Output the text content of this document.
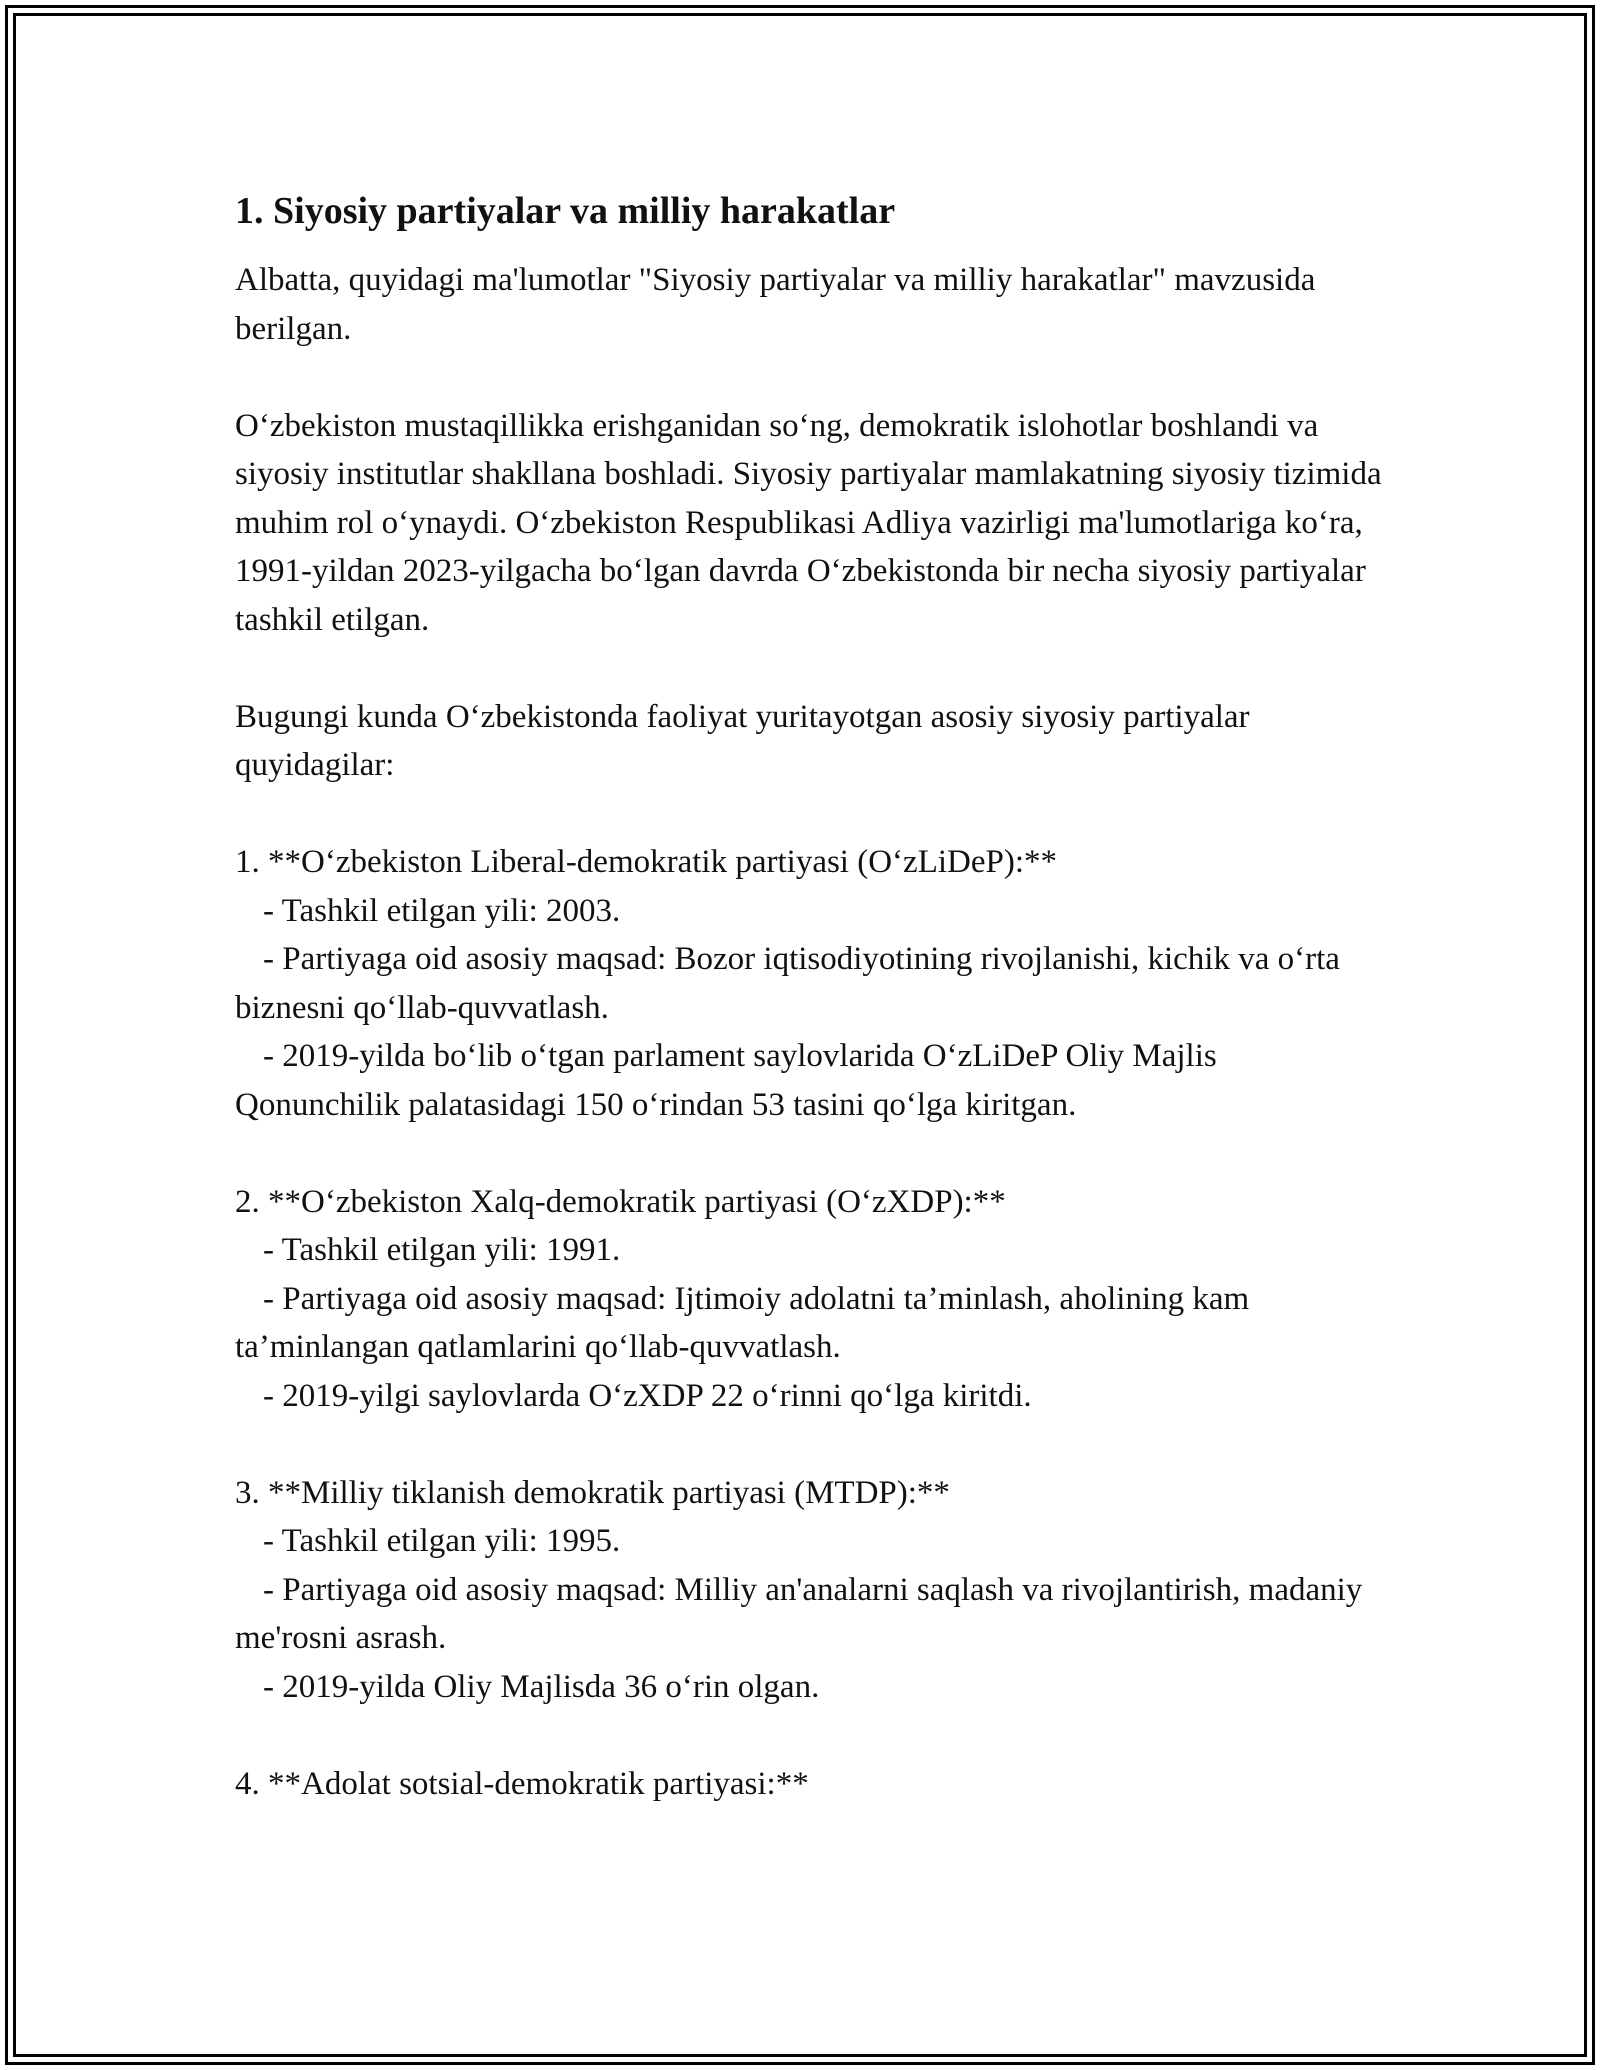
1. Siyosiy partiyalar va milliy harakatlar

Albatta, quyidagi ma'lumotlar "Siyosiy partiyalar va milliy harakatlar" mavzusida berilgan.

O‘zbekiston mustaqillikka erishganidan so‘ng, demokratik islohotlar boshlandi va siyosiy institutlar shakllana boshladi. Siyosiy partiyalar mamlakatning siyosiy tizimida muhim rol o‘ynaydi. O‘zbekiston Respublikasi Adliya vazirligi ma'lumotlariga ko‘ra, 1991-yildan 2023-yilgacha bo‘lgan davrda O‘zbekistonda bir necha siyosiy partiyalar tashkil etilgan.

Bugungi kunda O‘zbekistonda faoliyat yuritayotgan asosiy siyosiy partiyalar quyidagilar:

1. **O‘zbekiston Liberal-demokratik partiyasi (O‘zLiDeP):**

- Tashkil etilgan yili: 2003.

- Partiyaga oid asosiy maqsad: Bozor iqtisodiyotining rivojlanishi, kichik va o‘rta biznesni qo‘llab-quvvatlash.

- 2019-yilda bo‘lib o‘tgan parlament saylovlarida O‘zLiDeP Oliy Majlis Qonunchilik palatasidagi 150 o‘rindan 53 tasini qo‘lga kiritgan.

2. **O‘zbekiston Xalq-demokratik partiyasi (O‘zXDP):**

- Tashkil etilgan yili: 1991.

- Partiyaga oid asosiy maqsad: Ijtimoiy adolatni ta’minlash, aholining kam ta’minlangan qatlamlarini qo‘llab-quvvatlash.

- 2019-yilgi saylovlarda O‘zXDP 22 o‘rinni qo‘lga kiritdi.

3. **Milliy tiklanish demokratik partiyasi (MTDP):**

- Tashkil etilgan yili: 1995.

- Partiyaga oid asosiy maqsad: Milliy an'analarni saqlash va rivojlantirish, madaniy me'rosni asrash.

- 2019-yilda Oliy Majlisda 36 o‘rin olgan.

4. **Adolat sotsial-demokratik partiyasi:**
